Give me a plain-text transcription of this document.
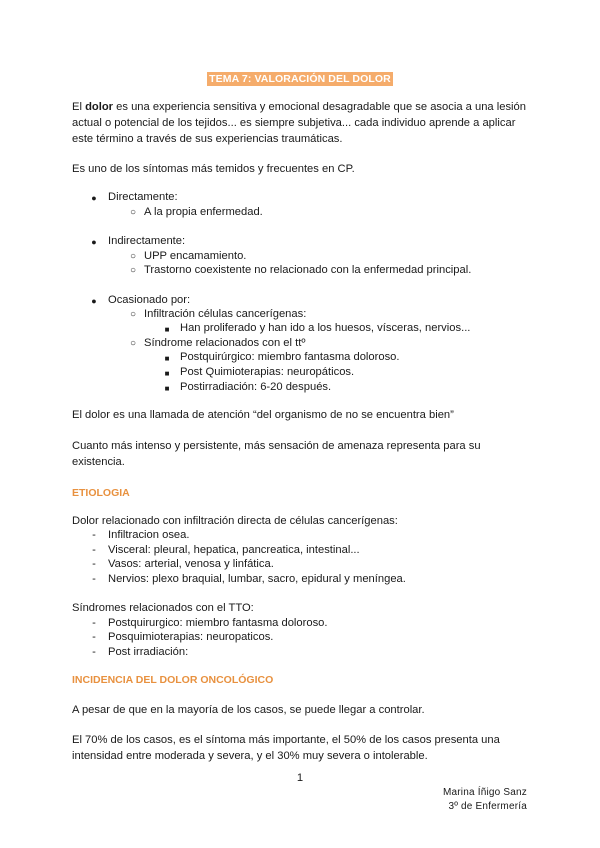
TEMA 7: VALORACIÓN DEL DOLOR
El dolor es una experiencia sensitiva y emocional desagradable que se asocia a una lesión
actual o potencial de los tejidos... es siempre subjetiva... cada individuo aprende a aplicar
este término a través de sus experiencias traumáticas.
Es uno de los síntomas más temidos y frecuentes en CP.
● Directamente:
○ A la propia enfermedad.
● Indirectamente:
○ UPP encamamiento.
○ Trastorno coexistente no relacionado con la enfermedad principal.
● Ocasionado por:
○ Infiltración células cancerígenas:
■ Han proliferado y han ido a los huesos, vísceras, nervios...
○ Síndrome relacionados con el ttº
■ Postquirúrgico: miembro fantasma doloroso.
■ Post Quimioterapias: neuropáticos.
■ Postirradiación: 6-20 después.
El dolor es una llamada de atención “del organismo de no se encuentra bien”
Cuanto más intenso y persistente, más sensación de amenaza representa para su
existencia.
ETIOLOGIA
Dolor relacionado con infiltración directa de células cancerígenas:
-	Infiltracion osea.
-	Visceral: pleural, hepatica, pancreatica, intestinal...
-	Vasos: arterial, venosa y linfática.
-	Nervios: plexo braquial, lumbar, sacro, epidural y meníngea.
Síndromes relacionados con el TTO:
-	Postquirurgico: miembro fantasma doloroso.
-	Posquimioterapias: neuropaticos.
-	Post irradiación:
INCIDENCIA DEL DOLOR ONCOLÓGICO
A pesar de que en la mayoría de los casos, se puede llegar a controlar.
El 70% de los casos, es el síntoma más importante, el 50% de los casos presenta una
intensidad entre moderada y severa, y el 30% muy severa o intolerable.
1
Marina Íñigo Sanz
3º de Enfermería
